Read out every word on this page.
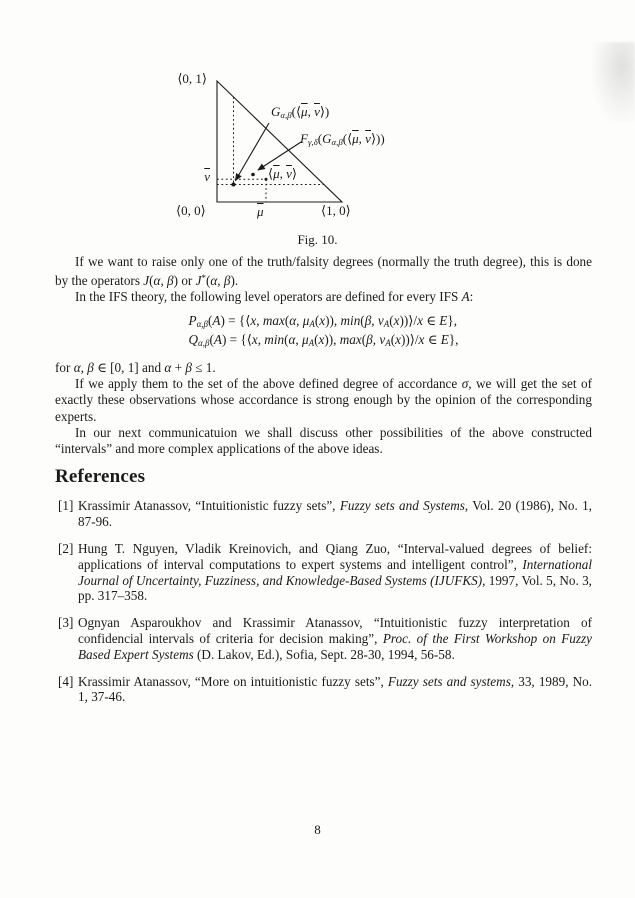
⟨0, 1⟩
⟨0, 0⟩	⟨1, 0⟩
$\overline{\nu}$
$\overline{\mu}$
$⟨\overline{\mu}$, $\overline{\nu}⟩$
$G\alpha,\beta(⟨\overline{\mu}$, $\overline{\nu}⟩$)
$F\gamma,\delta(G\alpha,\beta(⟨\overline{\mu}$, $\overline{\nu}⟩$))
Fig. 10.

If we want to raise only one of the truth/falsity degrees (normally the truth degree), this is done by the operators J(α, β) or J*(α, β).

In the IFS theory, the following level operators are defined for every IFS A:

Pα,β(A) = {⟨x, max(α, μA(x)), min(β, νA(x))⟩/x ∈ E},
Qα,β(A) = {⟨x, min(α, μA(x)), max(β, νA(x))⟩/x ∈ E},

for α, β ∈ [0, 1] and α + β ≤ 1.

If we apply them to the set of the above defined degree of accordance σ, we will get the set of exactly these observations whose accordance is strong enough by the opinion of the corresponding experts.

In our next communicatuion we shall discuss other possibilities of the above constructed “intervals” and more complex applications of the above ideas.

References

[1] Krassimir Atanassov, “Intuitionistic fuzzy sets”, Fuzzy sets and Systems, Vol. 20 (1986), No. 1, 87-96.
[2] Hung T. Nguyen, Vladik Kreinovich, and Qiang Zuo, “Interval-valued degrees of belief: applications of interval computations to expert systems and intelligent control”, International Journal of Uncertainty, Fuzziness, and Knowledge-Based Systems (IJUFKS), 1997, Vol. 5, No. 3, pp. 317–358.
[3] Ognyan Asparoukhov and Krassimir Atanassov, “Intuitionistic fuzzy interpretation of confidencial intervals of criteria for decision making”, Proc. of the First Workshop on Fuzzy Based Expert Systems (D. Lakov, Ed.), Sofia, Sept. 28-30, 1994, 56-58.
[4] Krassimir Atanassov, “More on intuitionistic fuzzy sets”, Fuzzy sets and systems, 33, 1989, No. 1, 37-46.
8
